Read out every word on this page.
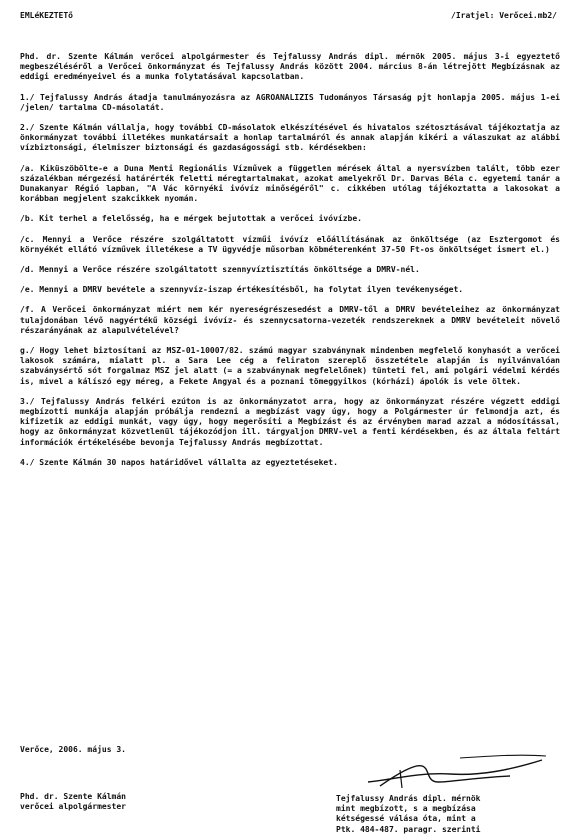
EMLéKEZTETő	/Iratjel: Verőcei.mb2/

Phd. dr. Szente Kálmán verőcei alpolgármester és Tejfalussy András dipl. mérnök 2005. május 3-i egyeztető megbeszéléséről a Verőcei önkormányzat és Tejfalussy András között 2004. március 8-án létrejött Megbízásnak az eddigi eredményeivel és a munka folytatásával kapcsolatban.

1./ Tejfalussy András átadja tanulmányozásra az AGROANALIZIS Tudományos Társaság pjt honlapja 2005. május 1-ei /jelen/ tartalma CD-másolatát.

2./ Szente Kálmán vállalja, hogy további CD-másolatok elkészítésével és hivatalos szétosztásával tájékoztatja az önkormányzat további illetékes munkatársait a honlap tartalmáról és annak alapján kikéri a válaszukat az alábbi vízbiztonsági, élelmiszer biztonsági és gazdaságossági stb. kérdésekben:

/a. Kiküszöbölte-e a Duna Menti Regionális Vízművek a független mérések által a nyersvízben talált, több ezer százalékban mérgezési határérték feletti méregtartalmakat, azokat amelyekről Dr. Darvas Béla c. egyetemi tanár a Dunakanyar Régió lapban, "A Vác környéki ivóvíz minőségéről" c. cikkében utólag tájékoztatta a lakosokat a korábban megjelent szakcikkek nyomán.

/b. Kit terhel a felelősség, ha e mérgek bejutottak a verőcei ivóvízbe.

/c. Mennyi a Verőce részére szolgáltatott vízműi ivóvíz előállításának az önköltsége (az Esztergomot és környékét ellátó vízművek illetékese a TV ügyvédje műsorban köbméterenként 37-50 Ft-os önköltséget ismert el.)

/d. Mennyi a Verőce részére szolgáltatott szennyvíztisztítás önköltsége a DMRV-nél.

/e. Mennyi a DMRV bevétele a szennyvíz-iszap értékesítésből, ha folytat ilyen tevékenységet.

/f. A Verőcei önkormányzat miért nem kér nyereségrészesedést a DMRV-től a DMRV bevételeihez az önkormányzat tulajdonában lévő nagyértékű községi ivóvíz- és szennycsatorna-vezeték rendszereknek a DMRV bevételeit növelő részarányának az alapulvételével?

g./ Hogy lehet biztosítani az MSZ-01-10007/82. számú magyar szabványnak mindenben megfelelő konyhasót a verőcei lakosok számára, mialatt pl. a Sara Lee cég a feliraton szereplő összetétele alapján is nyilvánvalóan szabványsértő sót forgalmaz MSZ jel alatt (= a szabványnak megfelelőnek) tünteti fel, ami polgári védelmi kérdés is, mivel a kálíszó egy méreg, a Fekete Angyal és a poznani tömeggyilkos (kórházi) ápolók is vele öltek.

3./ Tejfalussy András felkéri ezúton is az önkormányzatot arra, hogy az önkormányzat részére végzett eddigi megbízotti munkája alapján próbálja rendezni a megbízást vagy úgy, hogy a Polgármester úr felmondja azt, és kifizetik az eddigi munkát, vagy úgy, hogy megerősíti a Megbízást és az érvényben marad azzal a módosítással, hogy az önkormányzat közvetlenül tájékozódjon ill. tárgyaljon DMRV-vel a fenti kérdésekben, és az általa feltárt információk értékelésébe bevonja Tejfalussy András megbízottat.

4./ Szente Kálmán 30 napos határidővel vállalta az egyeztetéseket.

Verőce, 2006. május 3.
Phd. dr. Szente Kálmán
verőcei alpolgármester
Tejfalussy András dipl. mérnök
mint megbízott, s a megbízása
kétségessé válása óta, mint a
Ptk. 484-487. paragr. szerinti
